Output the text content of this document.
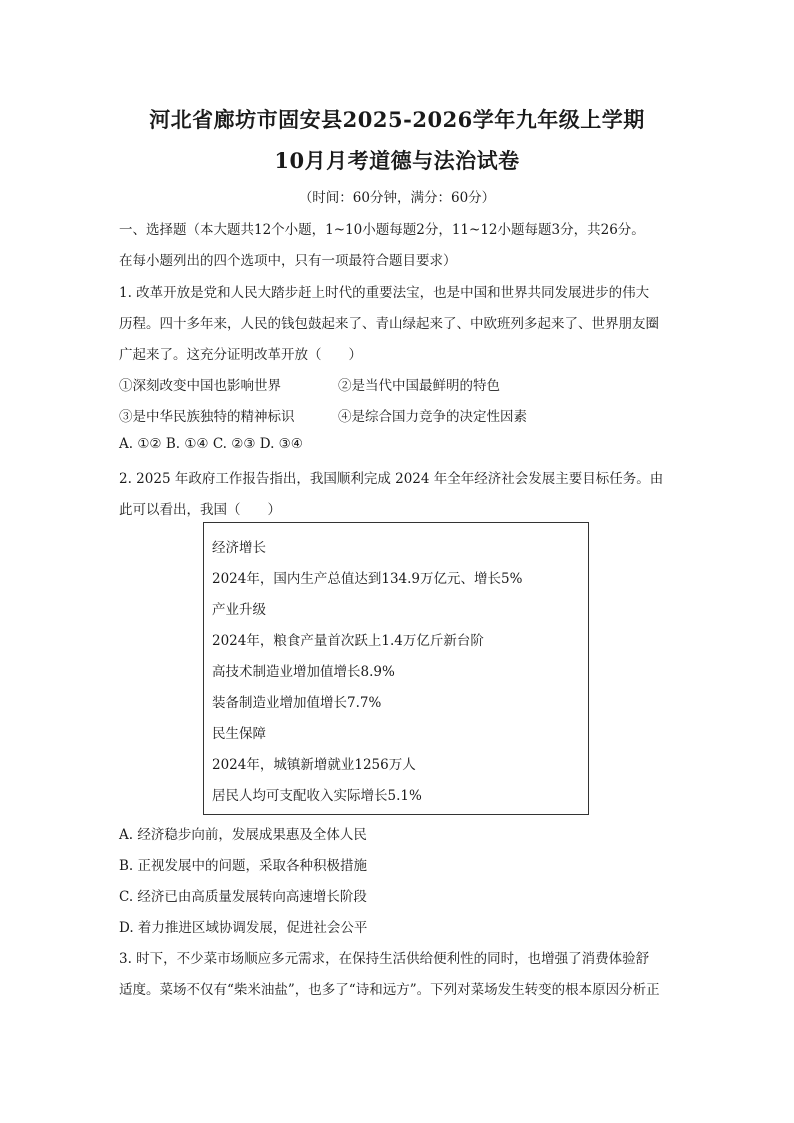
河北省廊坊市固安县2025-2026学年九年级上学期
10月月考道德与法治试卷
（时间：60分钟，满分：60分）
一、选择题（本大题共12个小题，1~10小题每题2分，11~12小题每题3分，共26分。
在每小题列出的四个选项中，只有一项最符合题目要求）
1. 改革开放是党和人民大踏步赶上时代的重要法宝，也是中国和世界共同发展进步的伟大
历程。四十多年来，人民的钱包鼓起来了、青山绿起来了、中欧班列多起来了、世界朋友圈
广起来了。这充分证明改革开放（　　）
①深刻改变中国也影响世界	②是当代中国最鲜明的特色
③是中华民族独特的精神标识	④是综合国力竞争的决定性因素
A. ①② B. ①④ C. ②③ D. ③④
2. 2025 年政府工作报告指出，我国顺利完成 2024 年全年经济社会发展主要目标任务。由
此可以看出，我国（　　）
经济增长
2024年，国内生产总值达到134.9万亿元、增长5%
产业升级
2024年，粮食产量首次跃上1.4万亿斤新台阶
高技术制造业增加值增长8.9%
装备制造业增加值增长7.7%
民生保障
2024年，城镇新增就业1256万人
居民人均可支配收入实际增长5.1%
A. 经济稳步向前，发展成果惠及全体人民
B. 正视发展中的问题，采取各种积极措施
C. 经济已由高质量发展转向高速增长阶段
D. 着力推进区域协调发展，促进社会公平
3. 时下，不少菜市场顺应多元需求，在保持生活供给便利性的同时，也增强了消费体验舒
适度。菜场不仅有“柴米油盐”，也多了“诗和远方”。下列对菜场发生转变的根本原因分析正
